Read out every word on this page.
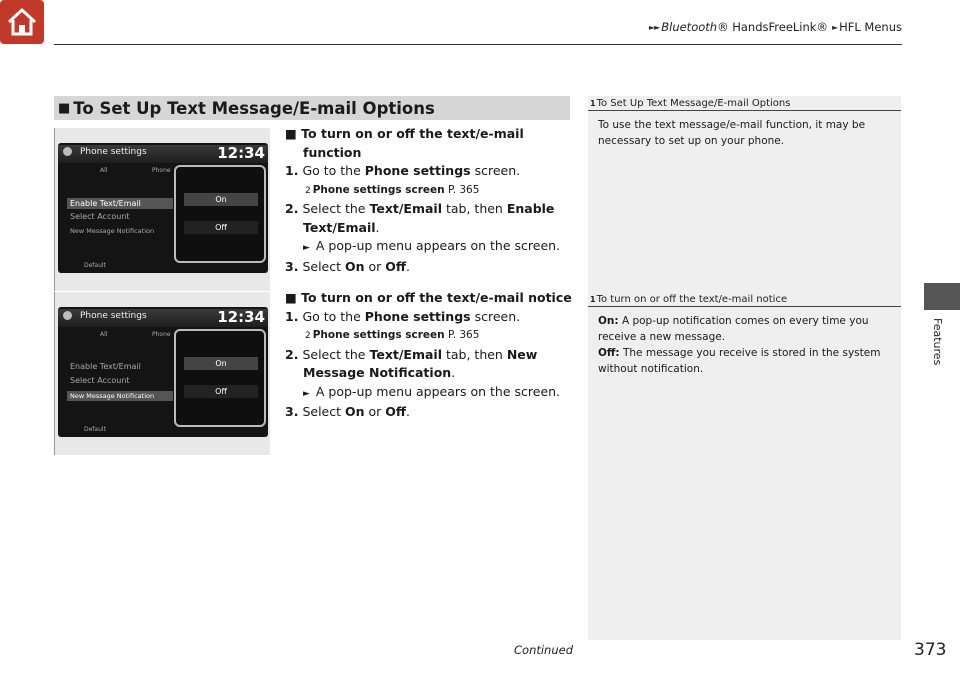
►► Bluetooth® HandsFreeLink® ► HFL Menus
Features
■ To Set Up Text Message/E-mail Options
Phone settings	12:34
All	Phone
Enable Text/Email
Select Account
New Message Notification
Default
On
Off
Phone settings	12:34
All	Phone
Enable Text/Email
Select Account
New Message Notification
Default
On
Off
■ To turn on or off the text/e-mail
function
1. Go to the Phone settings screen.
2 Phone settings screen P. 365
2. Select the Text/Email tab, then Enable
Text/Email.
► A pop-up menu appears on the screen.
3. Select On or Off.
■ To turn on or off the text/e-mail notice
1. Go to the Phone settings screen.
2 Phone settings screen P. 365
2. Select the Text/Email tab, then New
Message Notification.
► A pop-up menu appears on the screen.
3. Select On or Off.
1To Set Up Text Message/E-mail Options
To use the text message/e-mail function, it may be necessary to set up on your phone.
1To turn on or off the text/e-mail notice
On: A pop-up notification comes on every time you receive a new message.
Off: The message you receive is stored in the system without notification.
Continued	373
